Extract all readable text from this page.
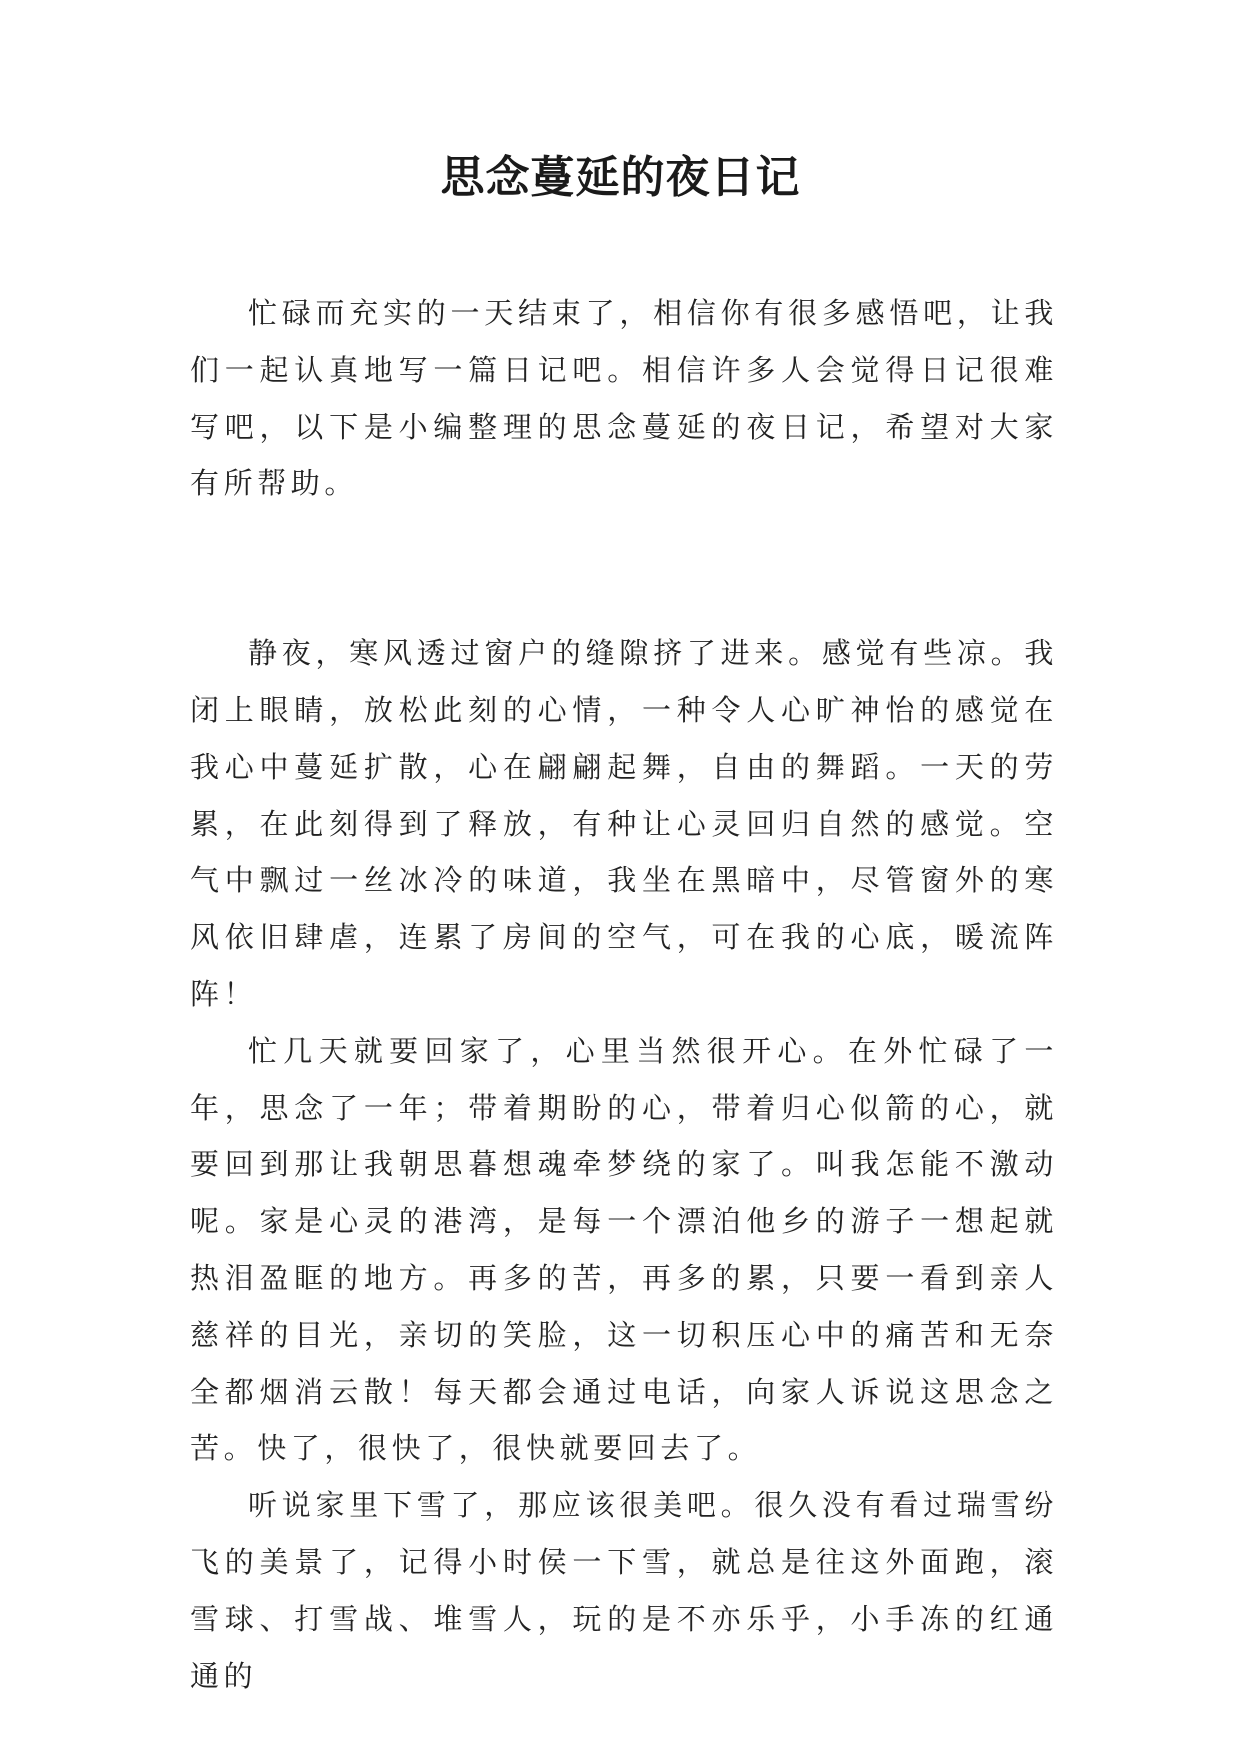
思念蔓延的夜日记

忙碌而充实的一天结束了，相信你有很多感悟吧，让我们一起认真地写一篇日记吧。相信许多人会觉得日记很难写吧，以下是小编整理的思念蔓延的夜日记，希望对大家有所帮助。

静夜，寒风透过窗户的缝隙挤了进来。感觉有些凉。我闭上眼睛，放松此刻的心情，一种令人心旷神怡的感觉在我心中蔓延扩散，心在翩翩起舞，自由的舞蹈。一天的劳累，在此刻得到了释放，有种让心灵回归自然的感觉。空气中飘过一丝冰冷的味道，我坐在黑暗中，尽管窗外的寒风依旧肆虐，连累了房间的空气，可在我的心底，暖流阵阵！

忙几天就要回家了，心里当然很开心。在外忙碌了一年，思念了一年；带着期盼的心，带着归心似箭的心，就要回到那让我朝思暮想魂牵梦绕的家了。叫我怎能不激动呢。家是心灵的港湾，是每一个漂泊他乡的游子一想起就热泪盈眶的地方。再多的苦，再多的累，只要一看到亲人慈祥的目光，亲切的笑脸，这一切积压心中的痛苦和无奈全都烟消云散！每天都会通过电话，向家人诉说这思念之苦。快了，很快了，很快就要回去了。

听说家里下雪了，那应该很美吧。很久没有看过瑞雪纷飞的美景了，记得小时侯一下雪，就总是往这外面跑，滚雪球、打雪战、堆雪人，玩的是不亦乐乎，小手冻的红通通的
